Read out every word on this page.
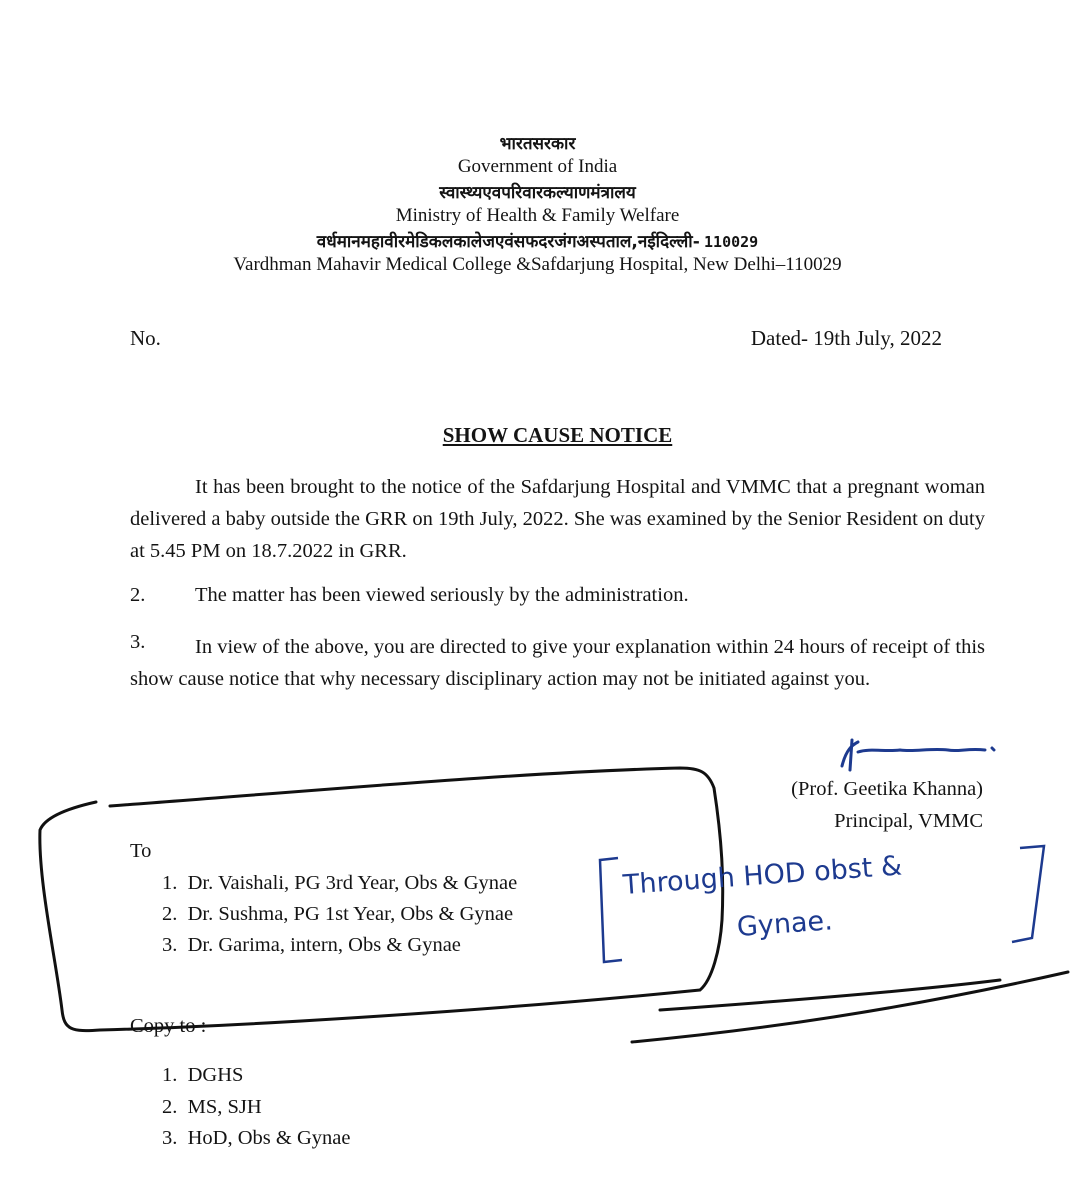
भारतसरकार
Government of India
स्वास्थ्यएवपरिवारकल्याणमंत्रालय
Ministry of Health & Family Welfare
वर्धमानमहावीरमेडिकलकालेजएवंसफदरजंगअस्पताल,नईदिल्ली- 110029
Vardhman Mahavir Medical College &Safdarjung Hospital, New Delhi–110029
No.	Dated- 19th July, 2022
SHOW CAUSE NOTICE
It has been brought to the notice of the Safdarjung Hospital and VMMC that a pregnant woman delivered a baby outside the GRR on 19th July, 2022. She was examined by the Senior Resident on duty at 5.45 PM on 18.7.2022 in GRR.
2. The matter has been viewed seriously by the administration.
In view of the above, you are directed to give your explanation within 24 hours of receipt of this show cause notice that why necessary disciplinary action may not be initiated against you.
3.
(Prof. Geetika Khanna)
Principal, VMMC
To
1. Dr. Vaishali, PG 3rd Year, Obs & Gynae
2. Dr. Sushma, PG 1st Year, Obs & Gynae
3. Dr. Garima, intern, Obs & Gynae
Copy to :
1. DGHS
2. MS, SJH
3. HoD, Obs & Gynae
Through HOD obst &
Gynae.
